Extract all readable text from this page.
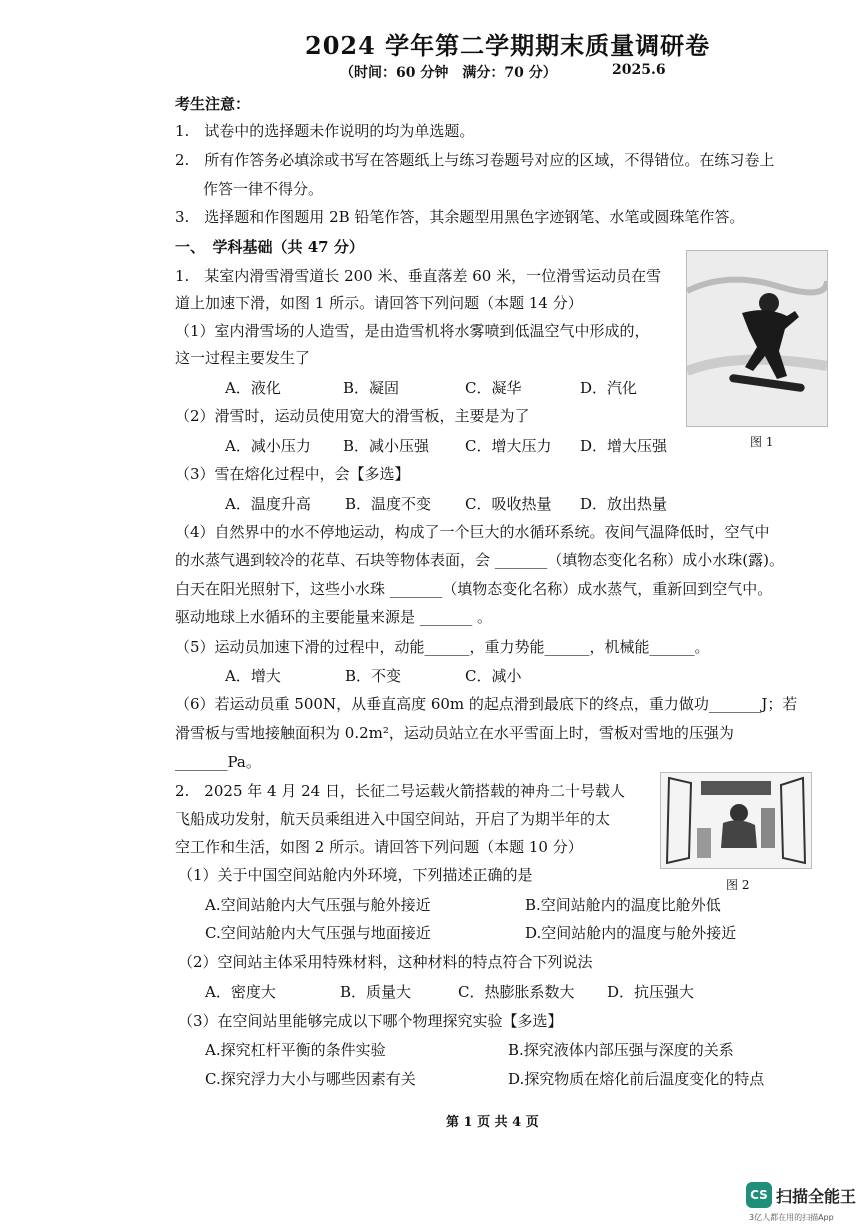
2024 学年第二学期期末质量调研卷
（时间：60 分钟　满分：70 分）	2025.6
考生注意：
1.　试卷中的选择题未作说明的均为单选题。
2.　所有作答务必填涂或书写在答题纸上与练习卷题号对应的区域，不得错位。在练习卷上
作答一律不得分。
3.　选择题和作图题用 2B 铅笔作答，其余题型用黑色字迹钢笔、水笔或圆珠笔作答。
一、　学科基础（共 47 分）
1.　某室内滑雪滑雪道长 200 米、垂直落差 60 米，一位滑雪运动员在雪
道上加速下滑，如图 1 所示。请回答下列问题（本题 14 分）
图 1
（1）室内滑雪场的人造雪，是由造雪机将水雾喷到低温空气中形成的，
这一过程主要发生了
A．液化	B．凝固	C．凝华	D．汽化
（2）滑雪时，运动员使用宽大的滑雪板，主要是为了
A．减小压力 B．减小压强 C．增大压力 D．增大压强
（3）雪在熔化过程中，会【多选】
A．温度升高 B．温度不变 C．吸收热量 D．放出热量
（4）自然界中的水不停地运动，构成了一个巨大的水循环系统。夜间气温降低时，空气中
的水蒸气遇到较冷的花草、石块等物体表面，会 _______（填物态变化名称）成小水珠(露)。
白天在阳光照射下，这些小水珠 _______（填物态变化名称）成水蒸气，重新回到空气中。
驱动地球上水循环的主要能量来源是 _______ 。
（5）运动员加速下滑的过程中，动能______，重力势能______，机械能______。
A．增大	B．不变	C．减小
（6）若运动员重 500N，从垂直高度 60m 的起点滑到最底下的终点，重力做功_______J；若
滑雪板与雪地接触面积为 0.2m²，运动员站立在水平雪面上时，雪板对雪地的压强为
_______Pa。
2.　2025 年 4 月 24 日，长征二号运载火箭搭载的神舟二十号载人
飞船成功发射，航天员乘组进入中国空间站，开启了为期半年的太
空工作和生活，如图 2 所示。请回答下列问题（本题 10 分）
图 2
（1）关于中国空间站舱内外环境，下列描述正确的是
A.空间站舱内大气压强与舱外接近	B.空间站舱内的温度比舱外低
C.空间站舱内大气压强与地面接近	D.空间站舱内的温度与舱外接近
（2）空间站主体采用特殊材料，这种材料的特点符合下列说法
A．密度大	B．质量大	C．热膨胀系数大 D．抗压强大
（3）在空间站里能够完成以下哪个物理探究实验【多选】
A.探究杠杆平衡的条件实验	B.探究液体内部压强与深度的关系
C.探究浮力大小与哪些因素有关	D.探究物质在熔化前后温度变化的特点
第 1 页 共 4 页
CS 扫描全能王
3亿人都在用的扫描App
